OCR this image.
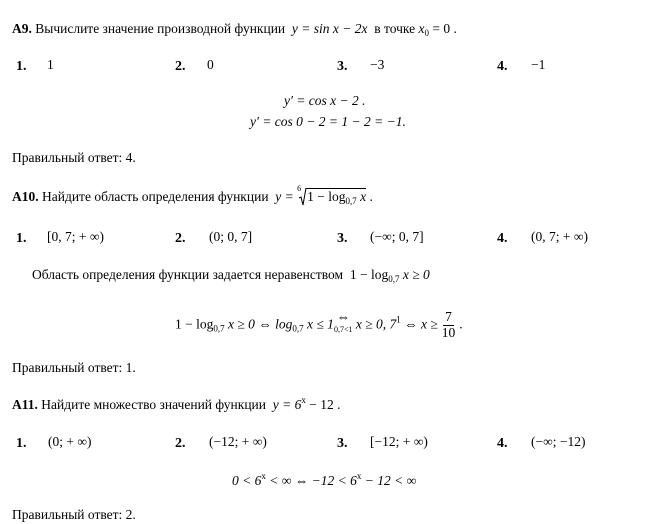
A9. Вычислите значение производной функции y = sin x − 2x в точке $x_0 = 0$ .
1. 1	2. 0	3. −3	4. −1
y′ = cos x − 2 .
y′ = cos 0 − 2 = 1 − 2 = −1.
Правильный ответ: 4.
A10. Найдите область определения функции y =
6
$1 - \log_{0,7} x$ .
1. [0, 7; + ∞)	2. (0; 0, 7]	3. (−∞; 0, 7]	4. (0, 7; + ∞)
Область определения функции задается неравенством $1 - \log_{0,7} x \ge 0$
$1 - \log_{0,7} x \ge 0$ ⇔ $\log_{0,7} x \le 1$ ⇔
0,7<1 x ≥ 0, $7^1$ ⇔ $x \ge \frac{7}{10}$ .
Правильный ответ: 1.
A11. Найдите множество значений функции $y = 6^x - 12$ .
1. (0; + ∞)	2. (−12; + ∞)	3. [−12; + ∞)	4. (−∞; −12)
$0 < 6^x$ < ∞ ⇔ $-12 < 6^x - 12$ < ∞
Правильный ответ: 2.
